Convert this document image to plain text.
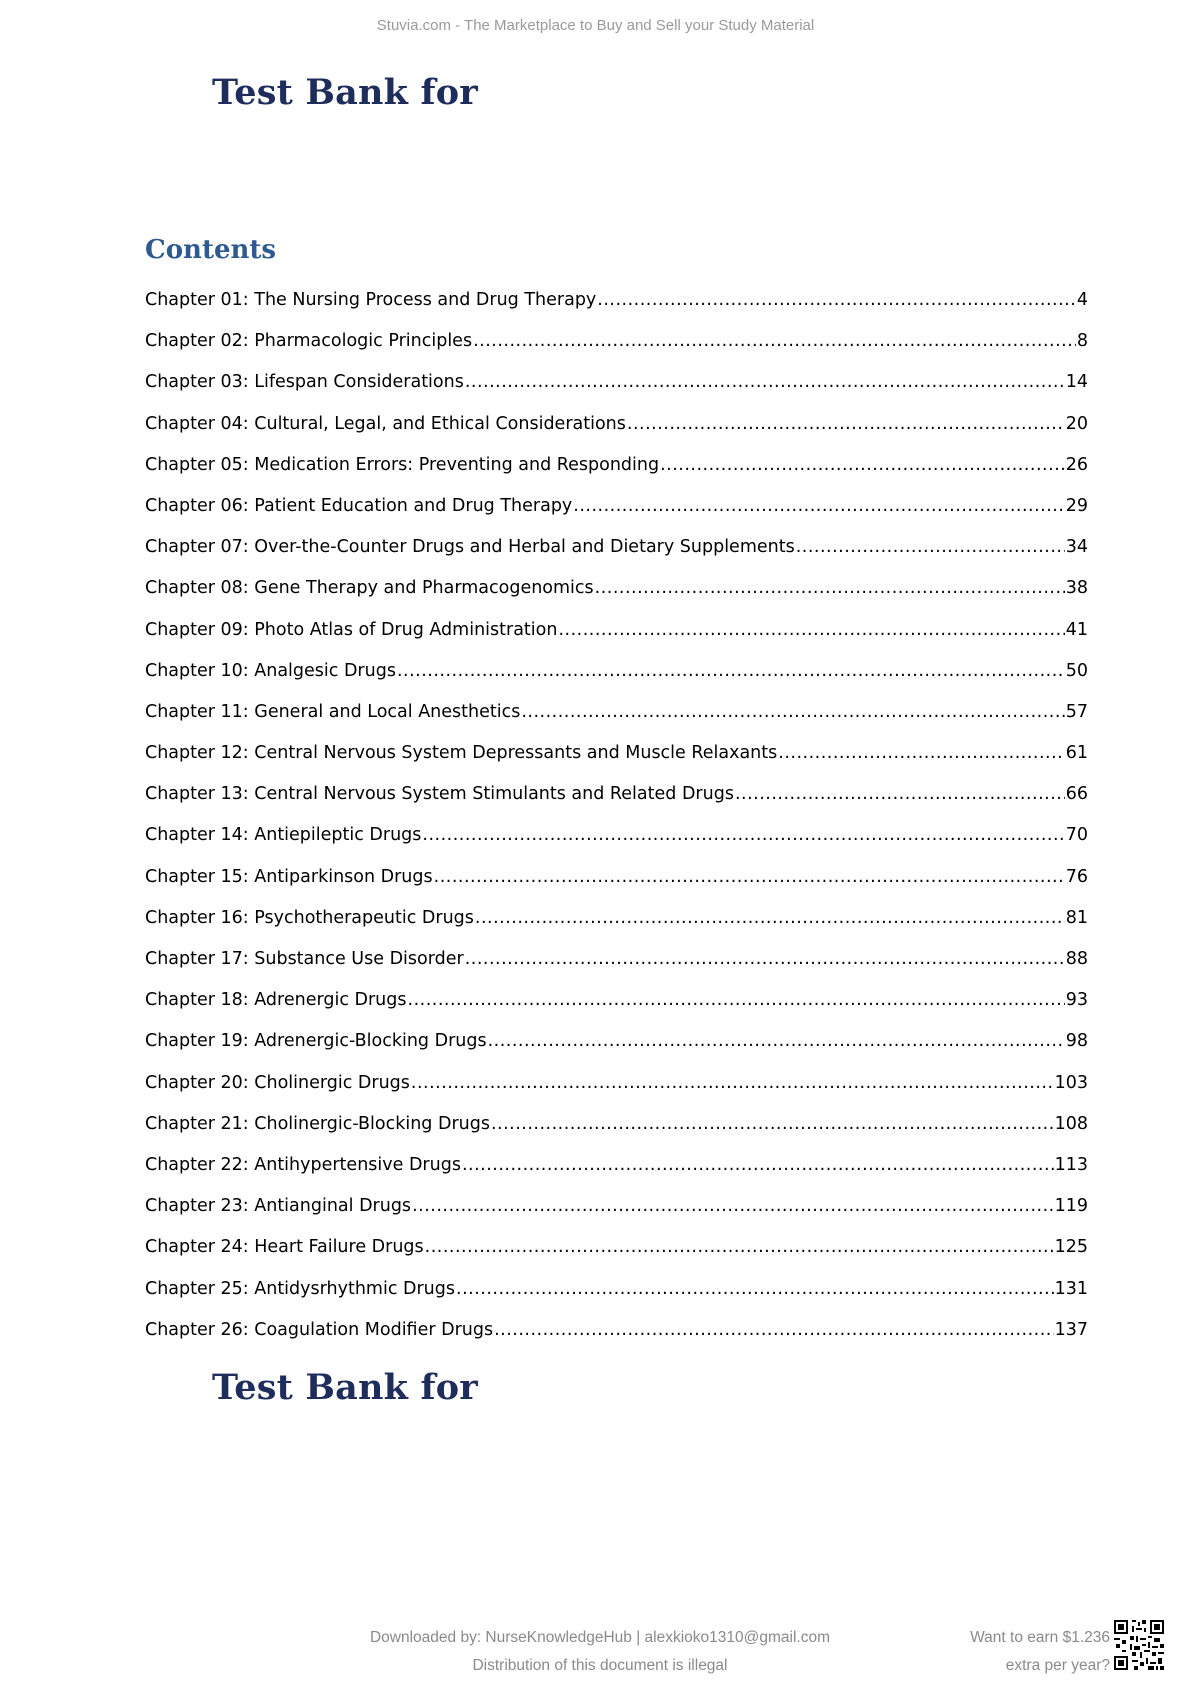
Stuvia.com - The Marketplace to Buy and Sell your Study Material
Test Bank for
Contents
Chapter 01: The Nursing Process and Drug Therapy .....	4
Chapter 02: Pharmacologic Principles .....	8
Chapter 03: Lifespan Considerations .....	14
Chapter 04: Cultural, Legal, and Ethical Considerations .....	20
Chapter 05: Medication Errors: Preventing and Responding .....	26
Chapter 06: Patient Education and Drug Therapy .....	29
Chapter 07: Over-the-Counter Drugs and Herbal and Dietary Supplements .....	34
Chapter 08: Gene Therapy and Pharmacogenomics .....	38
Chapter 09: Photo Atlas of Drug Administration .....	41
Chapter 10: Analgesic Drugs .....	50
Chapter 11: General and Local Anesthetics .....	57
Chapter 12: Central Nervous System Depressants and Muscle Relaxants .....	61
Chapter 13: Central Nervous System Stimulants and Related Drugs .....	66
Chapter 14: Antiepileptic Drugs .....	70
Chapter 15: Antiparkinson Drugs .....	76
Chapter 16: Psychotherapeutic Drugs .....	81
Chapter 17: Substance Use Disorder .....	88
Chapter 18: Adrenergic Drugs .....	93
Chapter 19: Adrenergic-Blocking Drugs .....	98
Chapter 20: Cholinergic Drugs .....	103
Chapter 21: Cholinergic-Blocking Drugs .....	108
Chapter 22: Antihypertensive Drugs .....	113
Chapter 23: Antianginal Drugs .....	119
Chapter 24: Heart Failure Drugs .....	125
Chapter 25: Antidysrhythmic Drugs .....	131
Chapter 26: Coagulation Modifier Drugs .....	137
Test Bank for
Downloaded by: NurseKnowledgeHub | alexkioko1310@gmail.com
Distribution of this document is illegal
Want to earn $1.236
extra per year?
